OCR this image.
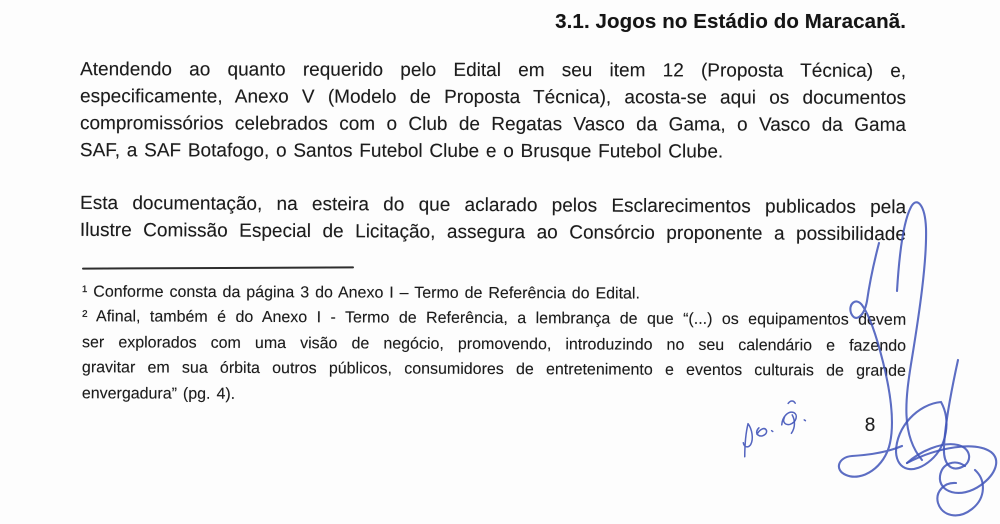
3.1. Jogos no Estádio do Maracanã.
Atendendo ao quanto requerido pelo Edital em seu item 12 (Proposta Técnica) e,
especificamente, Anexo V (Modelo de Proposta Técnica), acosta-se aqui os documentos
compromissórios celebrados com o Club de Regatas Vasco da Gama, o Vasco da Gama
SAF, a SAF Botafogo, o Santos Futebol Clube e o Brusque Futebol Clube.
Esta documentação, na esteira do que aclarado pelos Esclarecimentos publicados pela
Ilustre Comissão Especial de Licitação, assegura ao Consórcio proponente a possibilidade
¹ Conforme consta da página 3 do Anexo I – Termo de Referência do Edital.
² Afinal, também é do Anexo I - Termo de Referência, a lembrança de que “(...) os equipamentos devem
ser explorados com uma visão de negócio, promovendo, introduzindo no seu calendário e fazendo
gravitar em sua órbita outros públicos, consumidores de entretenimento e eventos culturais de grande
envergadura” (pg. 4).
8
